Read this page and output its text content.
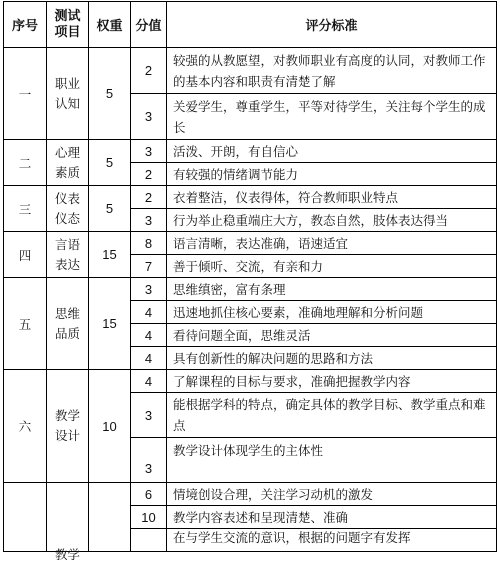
序号	测试项目	权重	分值	评分标准
一	职业认知	5	2	较强的从教愿望，对教师职业有高度的认同，对教师工作的基本内容和职责有清楚了解
			3	关爱学生，尊重学生，平等对待学生，关注每个学生的成长
二	心理素质	5	3	活泼、开朗，有自信心
			2	有较强的情绪调节能力
三	仪表仪态	5	2	衣着整洁，仪表得体，符合教师职业特点
			3	行为举止稳重端庄大方，教态自然，肢体表达得当
四	言语表达	15	8	语言清晰，表达准确，语速适宜
			7	善于倾听、交流，有亲和力
五	思维品质	15	3	思维缜密，富有条理
			4	迅速地抓住核心要素，准确地理解和分析问题
			4	看待问题全面，思维灵活
			4	具有创新性的解决问题的思路和方法
六	教学设计	10	4	了解课程的目标与要求，准确把握教学内容
			3	能根据学科的特点，确定具体的教学目标、教学重点和难点
			3	教学设计体现学生的主体性
	教学		6	情境创设合理，关注学习动机的激发
			10	教学内容表述和呈现清楚、准确
				在与学生交流的意识，根据的问题字有发挥
